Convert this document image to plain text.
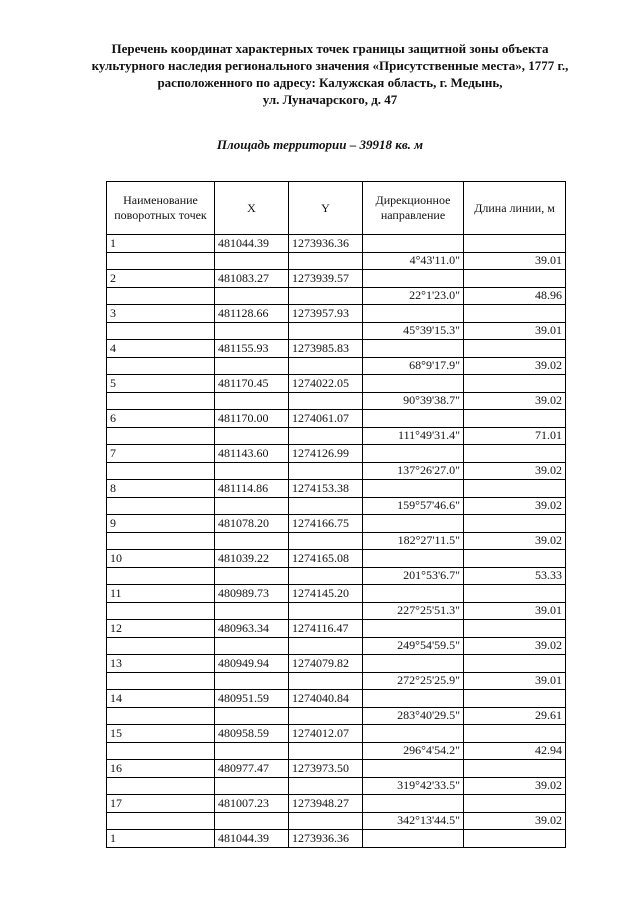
Перечень координат характерных точек границы защитной зоны объекта
культурного наследия регионального значения «Присутственные места», 1777 г.,
расположенного по адресу: Калужская область, г. Медынь,
ул. Луначарского, д. 47
Площадь территории – 39918 кв. м
Наименование поворотных точек	X	Y	Дирекционное направление	Длина линии, м
1	481044.39	1273936.36		
			4°43'11.0"	39.01
2	481083.27	1273939.57		
			22°1'23.0"	48.96
3	481128.66	1273957.93		
			45°39'15.3"	39.01
4	481155.93	1273985.83		
			68°9'17.9"	39.02
5	481170.45	1274022.05		
			90°39'38.7"	39.02
6	481170.00	1274061.07		
			111°49'31.4"	71.01
7	481143.60	1274126.99		
			137°26'27.0"	39.02
8	481114.86	1274153.38		
			159°57'46.6"	39.02
9	481078.20	1274166.75		
			182°27'11.5"	39.02
10	481039.22	1274165.08		
			201°53'6.7"	53.33
11	480989.73	1274145.20		
			227°25'51.3"	39.01
12	480963.34	1274116.47		
			249°54'59.5"	39.02
13	480949.94	1274079.82		
			272°25'25.9"	39.01
14	480951.59	1274040.84		
			283°40'29.5"	29.61
15	480958.59	1274012.07		
			296°4'54.2"	42.94
16	480977.47	1273973.50		
			319°42'33.5"	39.02
17	481007.23	1273948.27		
			342°13'44.5"	39.02
1	481044.39	1273936.36		
